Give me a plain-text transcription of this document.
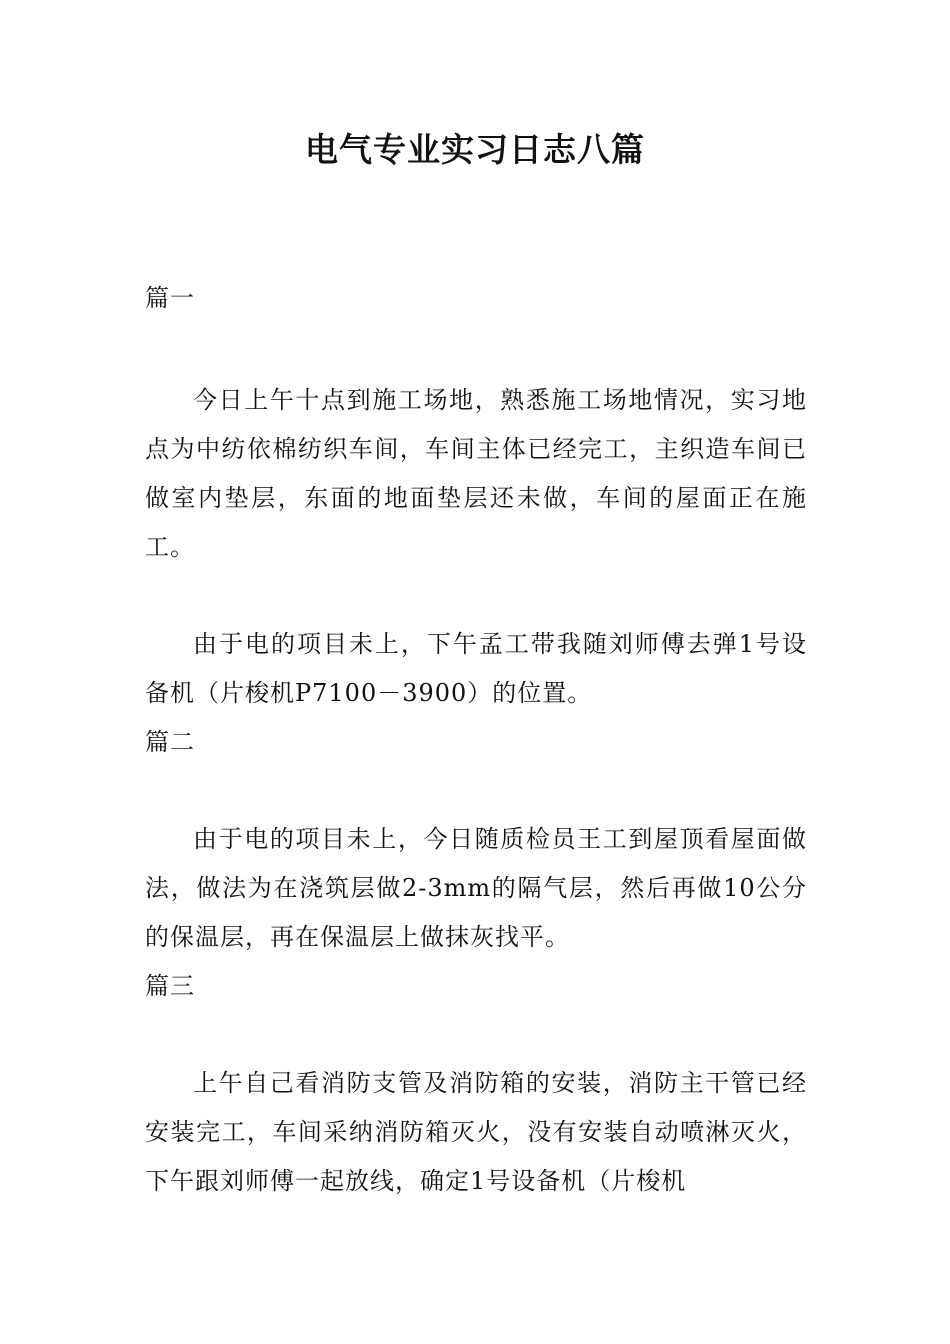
电气专业实习日志八篇
篇一

今日上午十点到施工场地，熟悉施工场地情况，实习地点为中纺依棉纺织车间，车间主体已经完工，主织造车间已做室内垫层，东面的地面垫层还未做，车间的屋面正在施工。

由于电的项目未上，下午孟工带我随刘师傅去弹1号设备机（片梭机P7100－3900）的位置。

篇二

由于电的项目未上，今日随质检员王工到屋顶看屋面做法，做法为在浇筑层做2-3mm的隔气层，然后再做10公分的保温层，再在保温层上做抹灰找平。

篇三

上午自己看消防支管及消防箱的安装，消防主干管已经安装完工，车间采纳消防箱灭火，没有安装自动喷淋灭火，下午跟刘师傅一起放线，确定1号设备机（片梭机
